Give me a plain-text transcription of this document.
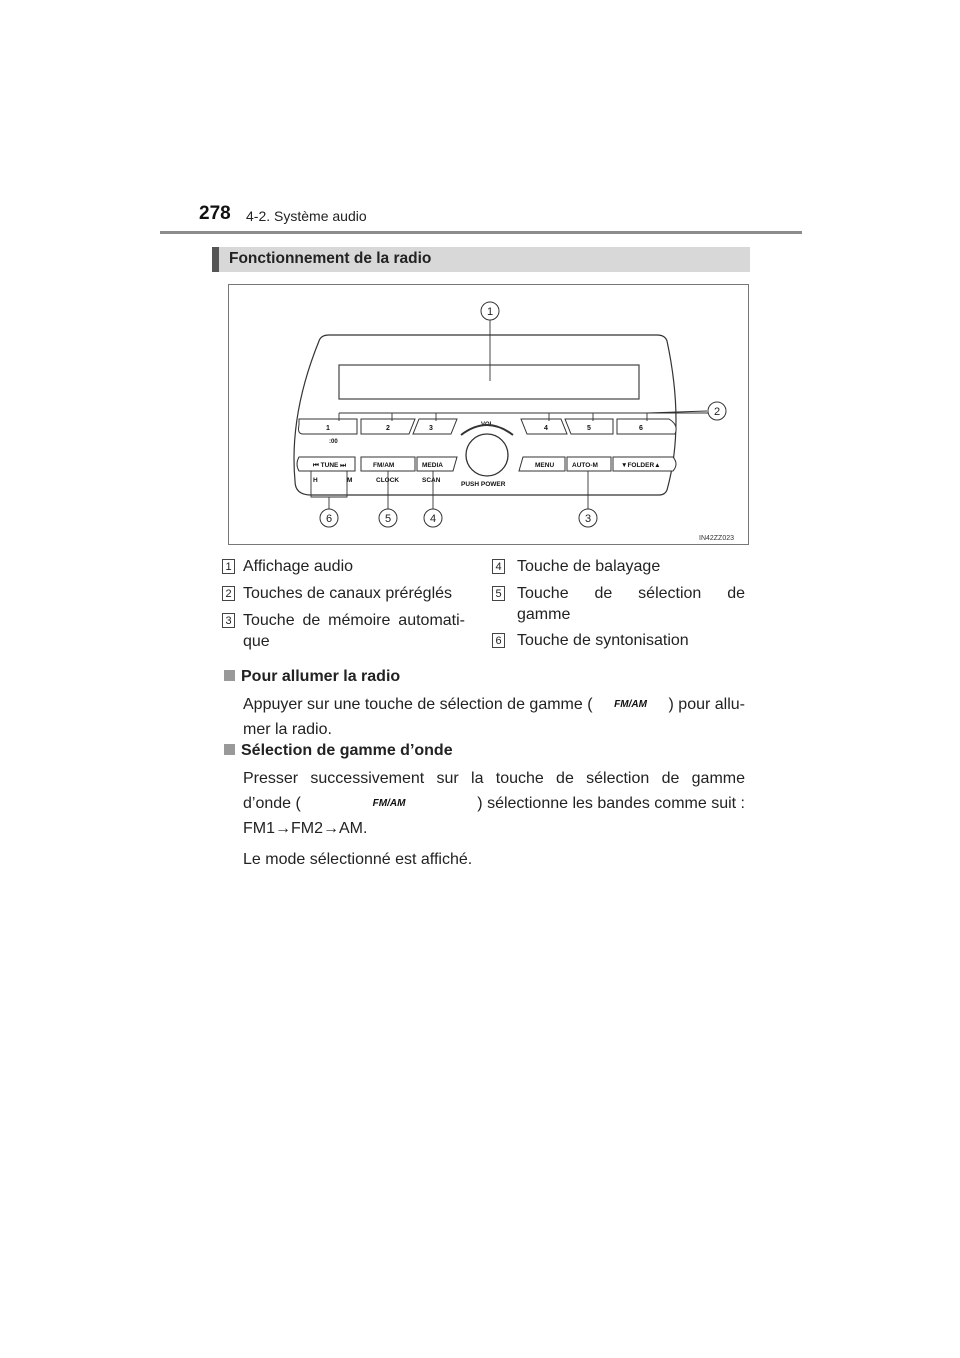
278 4-2. Système audio
Fonctionnement de la radio
1	2	3	4	5	6
:00
VOL
PUSH POWER
⏮ TUNE ⏭	FM/AM	MEDIA	MENU	AUTO-M	▼FOLDER▲
H	M	CLOCK	SCAN
1
2
3
4
5
6
IN42ZZ023
1 Affichage audio
2 Touches de canaux préréglés
3 Touche de mémoire automati-
que
4 Touche de balayage
5 Touche de sélection de
gamme
6 Touche de syntonisation
Pour allumer la radio
Appuyer sur une touche de sélection de gamme (	FM/AM	) pour allu-
mer la radio.
Sélection de gamme d’onde
Presser successivement sur la touche de sélection de gamme
d’onde (	FM/AM	) sélectionne les bandes comme suit :
FM1→FM2→AM.
Le mode sélectionné est affiché.
